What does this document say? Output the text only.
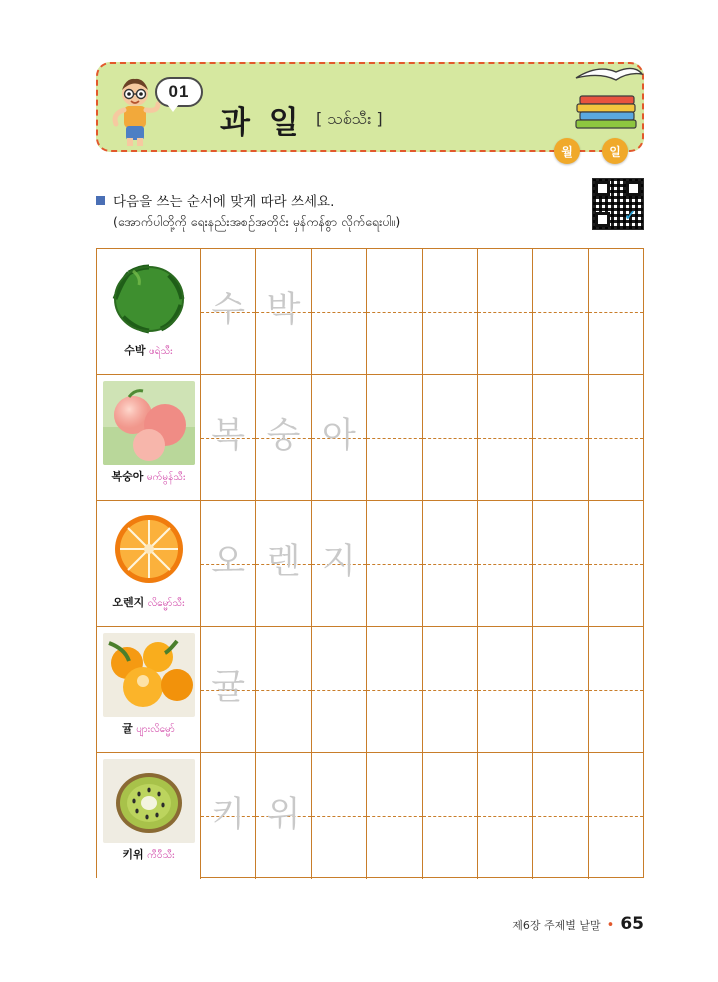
01
과 일 [ သစ်သီး ]
월	일
다음을 쓰는 순서에 맞게 따라 쓰세요.
(အောက်ပါတို့ကို ရေးနည်းအစဉ်အတိုင်း မှန်ကန်စွာ လိုက်ရေးပါ။)	✓
수박 ဖရဲသီး
수 박
복숭아 မက်မွန်သီး
복 숭 아
오렌지 လိမ္မော်သီး
오 렌 지
귤 ပျားလိမ္မော်
귤
키위 ကီဝီသီး
키 위
제6장 주제별 낱말 • 65
